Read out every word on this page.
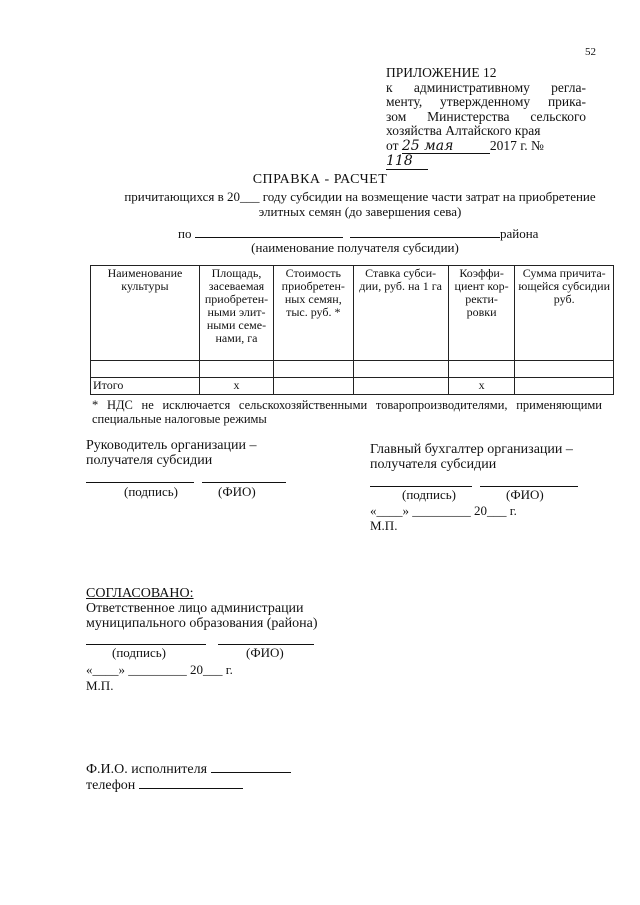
52
ПРИЛОЖЕНИЕ 12
к административному регла-
менту, утвержденному прика-
зом Министерства сельского
хозяйства Алтайского края
от 25 мая	2017 г. № 118
СПРАВКА - РАСЧЕТ
причитающихся в 20___ году субсидии на возмещение части затрат на приобретение
элитных семян (до завершения сева)
по	района
(наименование получателя субсидии)
Наименование культуры	Площадь, засеваемая приобретен- ными элит- ными семе- нами, га	Стоимость приобретен- ных семян, тыс. руб. *	Ставка субси- дии, руб. на 1 га	Коэффи- циент кор- ректи- ровки	Сумма причита- ющейся субсидии руб.

Итого	х			х	
* НДС не исключается сельскохозяйственными товаропроизводителями, применяющими специальные налоговые режимы
Руководитель организации –
получателя субсидии

(подпись)	(ФИО)
Главный бухгалтер организации –
получателя субсидии

(подпись)	(ФИО)
«____» _________ 20___ г.
М.П.
СОГЛАСОВАНО:
Ответственное лицо администрации
муниципального образования (района)

(подпись)	(ФИО)
«____» _________ 20___ г.
М.П.
Ф.И.О. исполнителя
телефон
